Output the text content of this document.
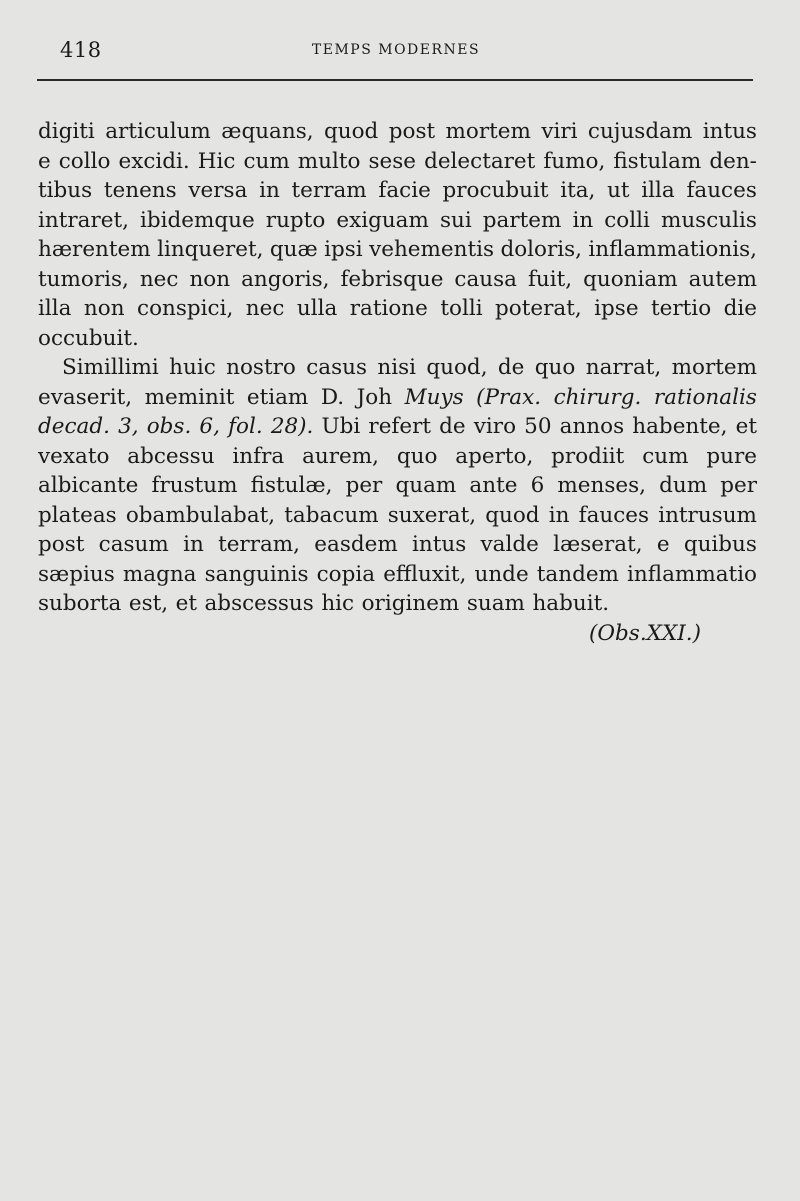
418	TEMPS MODERNES
digiti articulum æquans, quod post mortem viri cujusdam intus
e collo excidi. Hic cum multo sese delectaret fumo, fistulam den-
tibus tenens versa in terram facie procubuit ita, ut illa fauces
intraret, ibidemque rupto exiguam sui partem in colli musculis
hærentem linqueret, quæ ipsi vehementis doloris, inflammationis,
tumoris, nec non angoris, febrisque causa fuit, quoniam autem
illa non conspici, nec ulla ratione tolli poterat, ipse tertio die
occubuit.
Simillimi huic nostro casus nisi quod, de quo narrat, mortem
evaserit, meminit etiam D. Joh Muys (Prax. chirurg. rationalis
decad. 3, obs. 6, fol. 28). Ubi refert de viro 50 annos habente, et
vexato abcessu infra aurem, quo aperto, prodiit cum pure
albicante frustum fistulæ, per quam ante 6 menses, dum per
plateas obambulabat, tabacum suxerat, quod in fauces intrusum
post casum in terram, easdem intus valde læserat, e quibus
sæpius magna sanguinis copia effluxit, unde tandem inflammatio
suborta est, et abscessus hic originem suam habuit.
(Obs. XXI.)
